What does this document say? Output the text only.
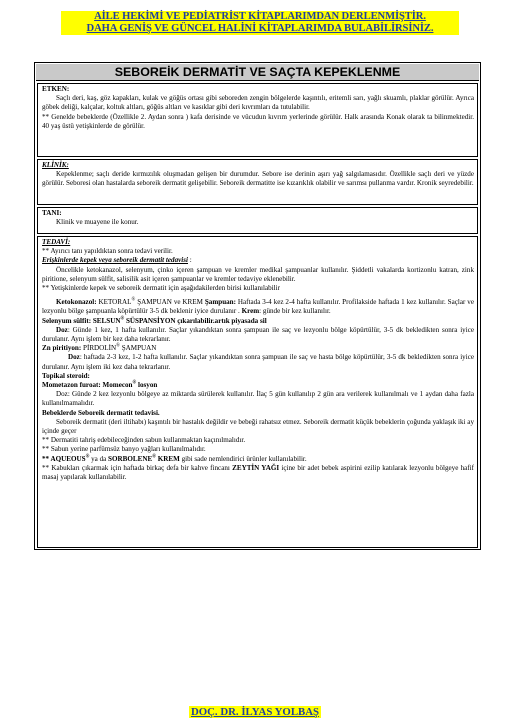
AİLE HEKİMİ VE PEDİATRİST KİTAPLARIMDAN DERLENMİŞTİR.
DAHA GENİŞ VE GÜNCEL HALİNİ KİTAPLARIMDA BULABİLİRSİNİZ.
SEBOREİK DERMATİT VE SAÇTA KEPEKLENME

ETKEN:

Saçlı deri, kaş, göz kapakları, kulak ve göğüs ortası gibi seboreden zengin bölgelerde kaşıntılı, eritemli sarı, yağlı skuamlı, plaklar görülür. Ayrıca göbek deliği, kalçalar, koltuk altları, göğüs altları ve kasıklar gibi deri kıvrımları da tutulabilir.

** Genelde bebeklerde (Özellikle 2. Aydan sonra ) kafa derisinde ve vücudun kıvrım yerlerinde görülür. Halk arasında Konak olarak ta bilinmektedir. 40 yaş üstü yetişkinlerde de görülür.

KLİNİK:

Kepeklenme; saçlı deride kırmızılık oluşmadan gelişen bir durumdur. Sebore ise derinin aşırı yağ salgılamasıdır. Özellikle saçlı deri ve yüzde görülür. Seboresi olan hastalarda seboreik dermatit gelişebilir. Seboreik dermatitte ise kızarıklık olabilir ve sarımsı pullanma vardır. Kronik seyredebilir.

TANI:

Klinik ve muayene ile konur.

TEDAVİ:

** Ayırıcı tanı yapıldıktan sonra tedavi verilir.

Erişkinlerde kepek veya seboreik dermatit tedavisi :

Öncelikle ketokanazol, selenyum, çinko içeren şampuan ve kremler medikal şampuanlar kullanılır. Şiddetli vakalarda kortizonlu katran, zink piritione, selenyum sülfit, salisilik asit içeren şampuanlar ve kremler tedaviye eklenebilir.

** Yetişkinlerde kepek ve seboreik dermatit için aşağıdakilerden birisi kullanılabilir

Ketokonazol: KETORAL® ŞAMPUAN ve KREM Şampuan: Haftada 3-4 kez 2-4 hafta kullanılır. Profilakside haftada 1 kez kullanılır. Saçlar ve lezyonlu bölge şampuanla köpürtülür 3-5 dk beklenir iyice durulanır . Krem: günde bir kez kullanılır.

Selenyum sülfit: SELSUN® SÜSPANSİYON çıkarılabilir.artık piyasada sil

Doz: Günde 1 kez, 1 hafta kullanılır. Saçlar yıkandıktan sonra şampuan ile saç ve lezyonlu bölge köpürtülür, 3-5 dk bekledikten sonra iyice durulanır. Aynı işlem bir kez daha tekrarlanır.

Zn piritiyon: PİRDOLİN® ŞAMPUAN

Doz: haftada 2-3 kez, 1-2 hafta kullanılır. Saçlar yıkandıktan sonra şampuan ile saç ve hasta bölge köpürtülür, 3-5 dk bekledikten sonra iyice durulanır. Aynı işlem iki kez daha tekrarlanır.

Topikal steroid:

Mometazon furoat: Momecon® losyon

Doz: Günde 2 kez lezyonlu bölgeye az miktarda sürülerek kullanılır. İlaç 5 gün kullanılıp 2 gün ara verilerek kullanılmalı ve 1 aydan daha fazla kullanılmamalıdır.

Bebeklerde Seboreik dermatit tedavisi.

Seboreik dermatit (deri iltihabı) kaşıntılı bir hastalık değildir ve bebeği rahatsız etmez. Seboreik dermatit küçük bebeklerin çoğunda yaklaşık iki ay içinde geçer

** Dermatiti tahriş edebileceğinden sabun kullanmaktan kaçınılmalıdır.

** Sabun yerine parfümsüz banyo yağları kullanılmalıdır.

** AQUEOUS® ya da SORBOLENE® KREM gibi sade nemlendirici ürünler kullanılabilir.

** Kabukları çıkarmak için haftada birkaç defa bir kahve fincanı ZEYTİN YAĞI içine bir adet bebek aspirini ezilip katılarak lezyonlu bölgeye hafif masaj yapılarak kullanılabilir.

DOÇ. DR. İLYAS YOLBAŞ
